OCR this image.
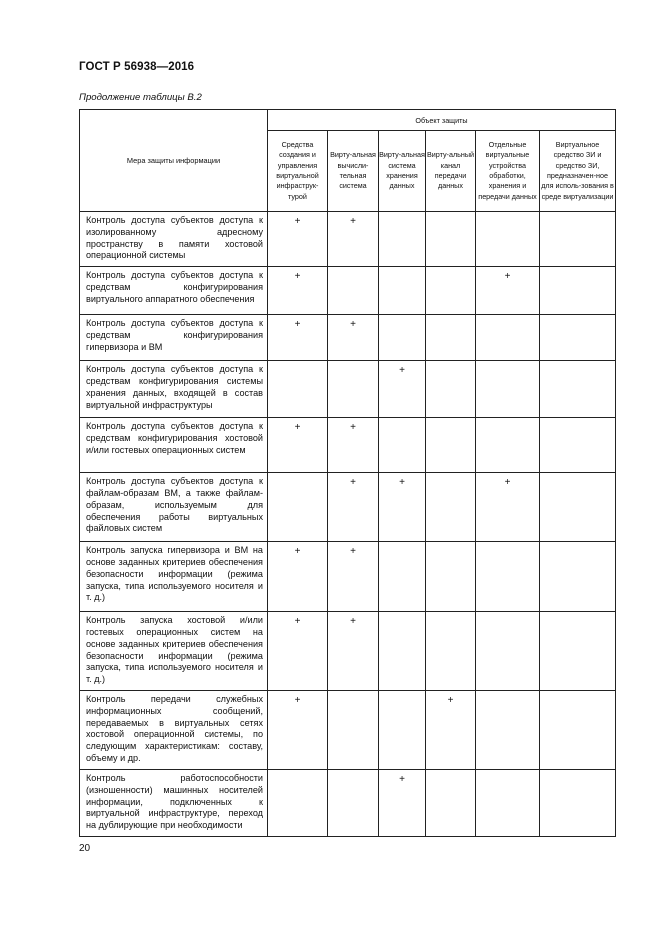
ГОСТ Р 56938—2016
Продолжение таблицы В.2
Мера защиты информации	Объект защиты					
	Средства создания и управления виртуальной инфраструк-турой	Вирту-альная вычисли-тельная система	Вирту-альная система хранения данных	Вирту-альный канал передачи данных	Отдельные виртуальные устройства обработки, хранения и передачи данных	Виртуальное средство ЗИ и средство ЗИ, предназначен-ное для исполь-зования в среде виртуализации
Контроль доступа субъектов доступа к изолированному адресному пространству в памяти хостовой операционной системы	+	+				
Контроль доступа субъектов доступа к средствам конфигурирования виртуального аппаратного обеспечения	+				+	
Контроль доступа субъектов доступа к средствам конфигурирования гипервизора и ВМ	+	+				
Контроль доступа субъектов доступа к средствам конфигурирования системы хранения данных, входящей в состав виртуальной инфраструктуры			+			
Контроль доступа субъектов доступа к средствам конфигурирования хостовой и/или гостевых операционных систем	+	+				
Контроль доступа субъектов доступа к файлам-образам ВМ, а также файлам-образам, используемым для обеспечения работы виртуальных файловых систем		+	+		+	
Контроль запуска гипервизора и ВМ на основе заданных критериев обеспечения безопасности информации (режима запуска, типа используемого носителя и т. д.)	+	+				
Контроль запуска хостовой и/или гостевых операционных систем на основе заданных критериев обеспечения безопасности информации (режима запуска, типа используемого носителя и т. д.)	+	+				
Контроль передачи служебных информационных сообщений, передаваемых в виртуальных сетях хостовой операционной системы, по следующим характеристикам: составу, объему и др.	+			+		
Контроль работоспособности (изношенности) машинных носителей информации, подключенных к виртуальной инфраструктуре, переход на дублирующие при необходимости			+			
20
